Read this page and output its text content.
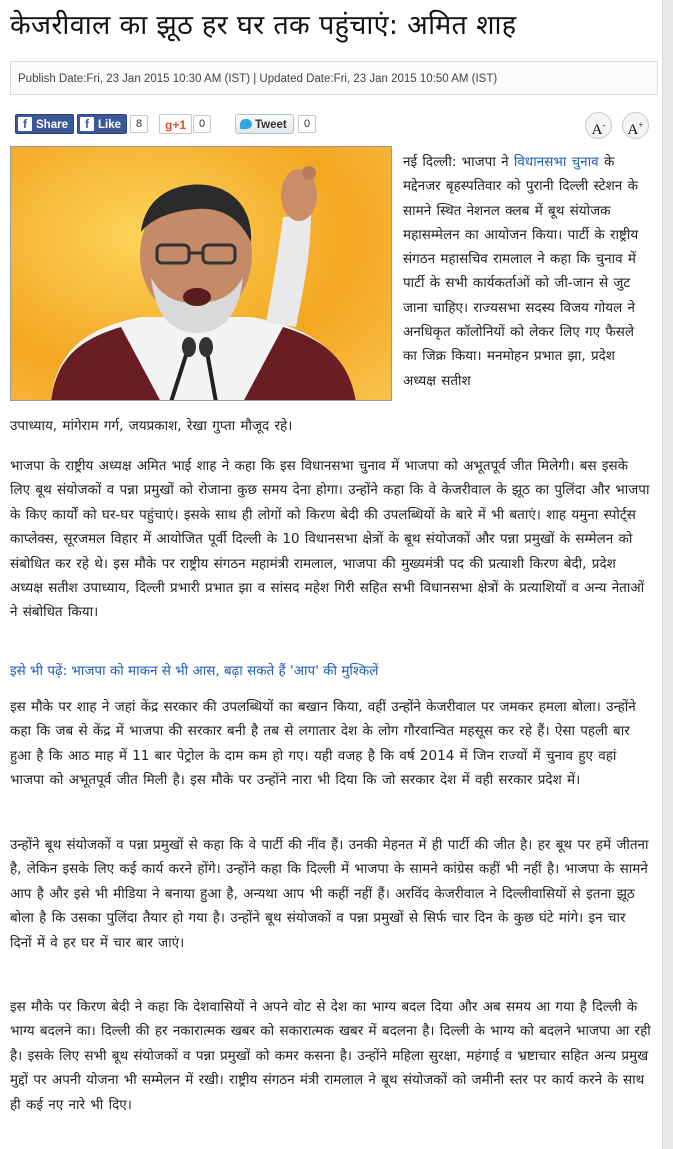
केजरीवाल का झूठ हर घर तक पहुंचाएं: अमित शाह
Publish Date:Fri, 23 Jan 2015 10:30 AM (IST) | Updated Date:Fri, 23 Jan 2015 10:50 AM (IST)
f Share	f Like	8	g+1	0	Tweet	0	A-	A+

नई दिल्ली: भाजपा ने विधानसभा चुनाव के मद्देनजर बृहस्पतिवार को पुरानी दिल्ली स्टेशन के सामने स्थित नेशनल क्लब में बूथ संयोजक महासम्मेलन का आयोजन किया। पार्टी के राष्ट्रीय संगठन महासचिव रामलाल ने कहा कि चुनाव में पार्टी के सभी कार्यकर्ताओं को जी-जान से जुट जाना चाहिए। राज्यसभा सदस्य विजय गोयल ने अनधिकृत कॉलोनियों को लेकर लिए गए फैसले का जिक्र किया। मनमोहन प्रभात झा, प्रदेश अध्यक्ष सतीश

उपाध्याय, मांगेराम गर्ग, जयप्रकाश, रेखा गुप्ता मौजूद रहे।

भाजपा के राष्ट्रीय अध्यक्ष अमित भाई शाह ने कहा कि इस विधानसभा चुनाव में भाजपा को अभूतपूर्व जीत मिलेगी। बस इसके लिए बूथ संयोजकों व पन्ना प्रमुखों को रोजाना कुछ समय देना होगा। उन्होंने कहा कि वे केजरीवाल के झूठ का पुलिंदा और भाजपा के किए कार्यों को घर-घर पहुंचाएं। इसके साथ ही लोगों को किरण बेदी की उपलब्धियों के बारे में भी बताएं। शाह यमुना स्पोर्ट्स काप्लेक्स, सूरजमल विहार में आयोजित पूर्वी दिल्ली के 10 विधानसभा क्षेत्रों के बूथ संयोजकों और पन्ना प्रमुखों के सम्मेलन को संबोधित कर रहे थे। इस मौके पर राष्ट्रीय संगठन महामंत्री रामलाल, भाजपा की मुख्यमंत्री पद की प्रत्याशी किरण बेदी, प्रदेश अध्यक्ष सतीश उपाध्याय, दिल्ली प्रभारी प्रभात झा व सांसद महेश गिरी सहित सभी विधानसभा क्षेत्रों के प्रत्याशियों व अन्य नेताओं ने संबोधित किया।

इसे भी पढ़ें: भाजपा को माकन से भी आस, बढ़ा सकते हैं 'आप' की मुश्किलें

इस मौके पर शाह ने जहां केंद्र सरकार की उपलब्धियों का बखान किया, वहीं उन्होंने केजरीवाल पर जमकर हमला बोला। उन्होंने कहा कि जब से केंद्र में भाजपा की सरकार बनी है तब से लगातार देश के लोग गौरवान्वित महसूस कर रहे हैं। ऐसा पहली बार हुआ है कि आठ माह में 11 बार पेट्रोल के दाम कम हो गए। यही वजह है कि वर्ष 2014 में जिन राज्यों में चुनाव हुए वहां भाजपा को अभूतपूर्व जीत मिली है। इस मौके पर उन्होंने नारा भी दिया कि जो सरकार देश में वही सरकार प्रदेश में।

उन्होंने बूथ संयोजकों व पन्ना प्रमुखों से कहा कि वे पार्टी की नींव हैं। उनकी मेहनत में ही पार्टी की जीत है। हर बूथ पर हमें जीतना है, लेकिन इसके लिए कई कार्य करने होंगे। उन्होंने कहा कि दिल्ली में भाजपा के सामने कांग्रेस कहीं भी नहीं है। भाजपा के सामने आप है और इसे भी मीडिया ने बनाया हुआ है, अन्यथा आप भी कहीं नहीं हैं। अरविंद केजरीवाल ने दिल्लीवासियों से इतना झूठ बोला है कि उसका पुलिंदा तैयार हो गया है। उन्होंने बूथ संयोजकों व पन्ना प्रमुखों से सिर्फ चार दिन के कुछ घंटे मांगे। इन चार दिनों में वे हर घर में चार बार जाएं।

इस मौके पर किरण बेदी ने कहा कि देशवासियों ने अपने वोट से देश का भाग्य बदल दिया और अब समय आ गया है दिल्ली के भाग्य बदलने का। दिल्ली की हर नकारात्मक खबर को सकारात्मक खबर में बदलना है। दिल्ली के भाग्य को बदलने भाजपा आ रही है। इसके लिए सभी बूथ संयोजकों व पन्ना प्रमुखों को कमर कसना है। उन्होंने महिला सुरक्षा, महंगाई व भ्रष्टाचार सहित अन्य प्रमुख मुद्दों पर अपनी योजना भी सम्मेलन में रखी। राष्ट्रीय संगठन मंत्री रामलाल ने बूथ संयोजकों को जमीनी स्तर पर कार्य करने के साथ ही कई नए नारे भी दिए।
